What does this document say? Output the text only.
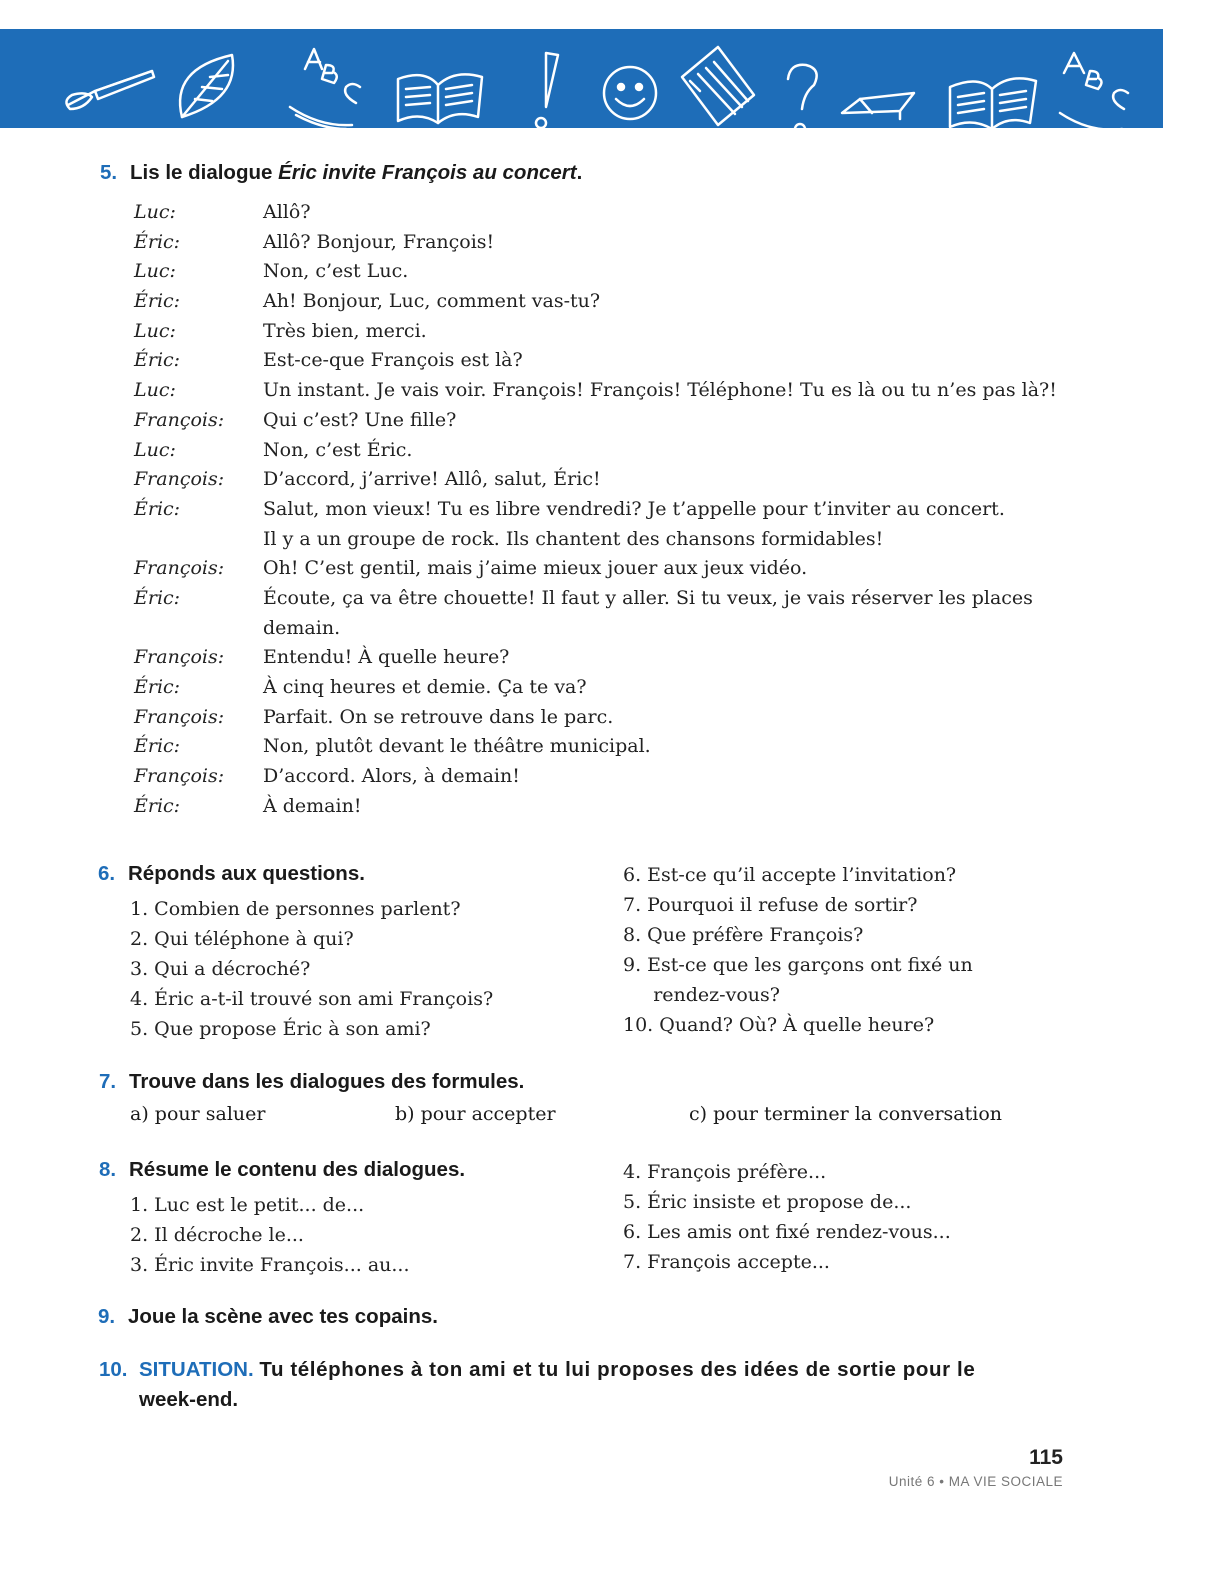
5. Lis le dialogue Éric invite François au concert.
Luc:	Allô?
Éric:	Allô? Bonjour, François!
Luc:	Non, c’est Luc.
Éric:	Ah! Bonjour, Luc, comment vas-tu?
Luc:	Très bien, merci.
Éric:	Est-ce-que François est là?
Luc:	Un instant. Je vais voir. François! François! Téléphone! Tu es là ou tu n’es pas là?!
François: Qui c’est? Une fille?
Luc:	Non, c’est Éric.
François: D’accord, j’arrive! Allô, salut, Éric!
Éric:	Salut, mon vieux! Tu es libre vendredi? Je t’appelle pour t’inviter au concert.
Il y a un groupe de rock. Ils chantent des chansons formidables!
François: Oh! C’est gentil, mais j’aime mieux jouer aux jeux vidéo.
Éric:	Écoute, ça va être chouette! Il faut y aller. Si tu veux, je vais réserver les places
demain.
François: Entendu! À quelle heure?
Éric:	À cinq heures et demie. Ça te va?
François: Parfait. On se retrouve dans le parc.
Éric:	Non, plutôt devant le théâtre municipal.
François: D’accord. Alors, à demain!
Éric:	À demain!
6. Réponds aux questions.
1. Combien de personnes parlent?
2. Qui téléphone à qui?
3. Qui a décroché?
4. Éric a-t-il trouvé son ami François?
5. Que propose Éric à son ami?
6. Est-ce qu’il accepte l’invitation?
7. Pourquoi il refuse de sortir?
8. Que préfère François?
9. Est-ce que les garçons ont fixé un
rendez-vous?
10. Quand? Où? À quelle heure?
7. Trouve dans les dialogues des formules.
a) pour saluer	b) pour accepter	c) pour terminer la conversation
8. Résume le contenu des dialogues.
1. Luc est le petit... de...
2. Il décroche le...
3. Éric invite François... au...
4. François préfère...
5. Éric insiste et propose de...
6. Les amis ont fixé rendez-vous...
7. François accepte...
9. Joue la scène avec tes copains.
10. SITUATION. Tu téléphones à ton ami et tu lui proposes des idées de sortie pour le
week-end.
115
Unité 6 • MA VIE SOCIALE
